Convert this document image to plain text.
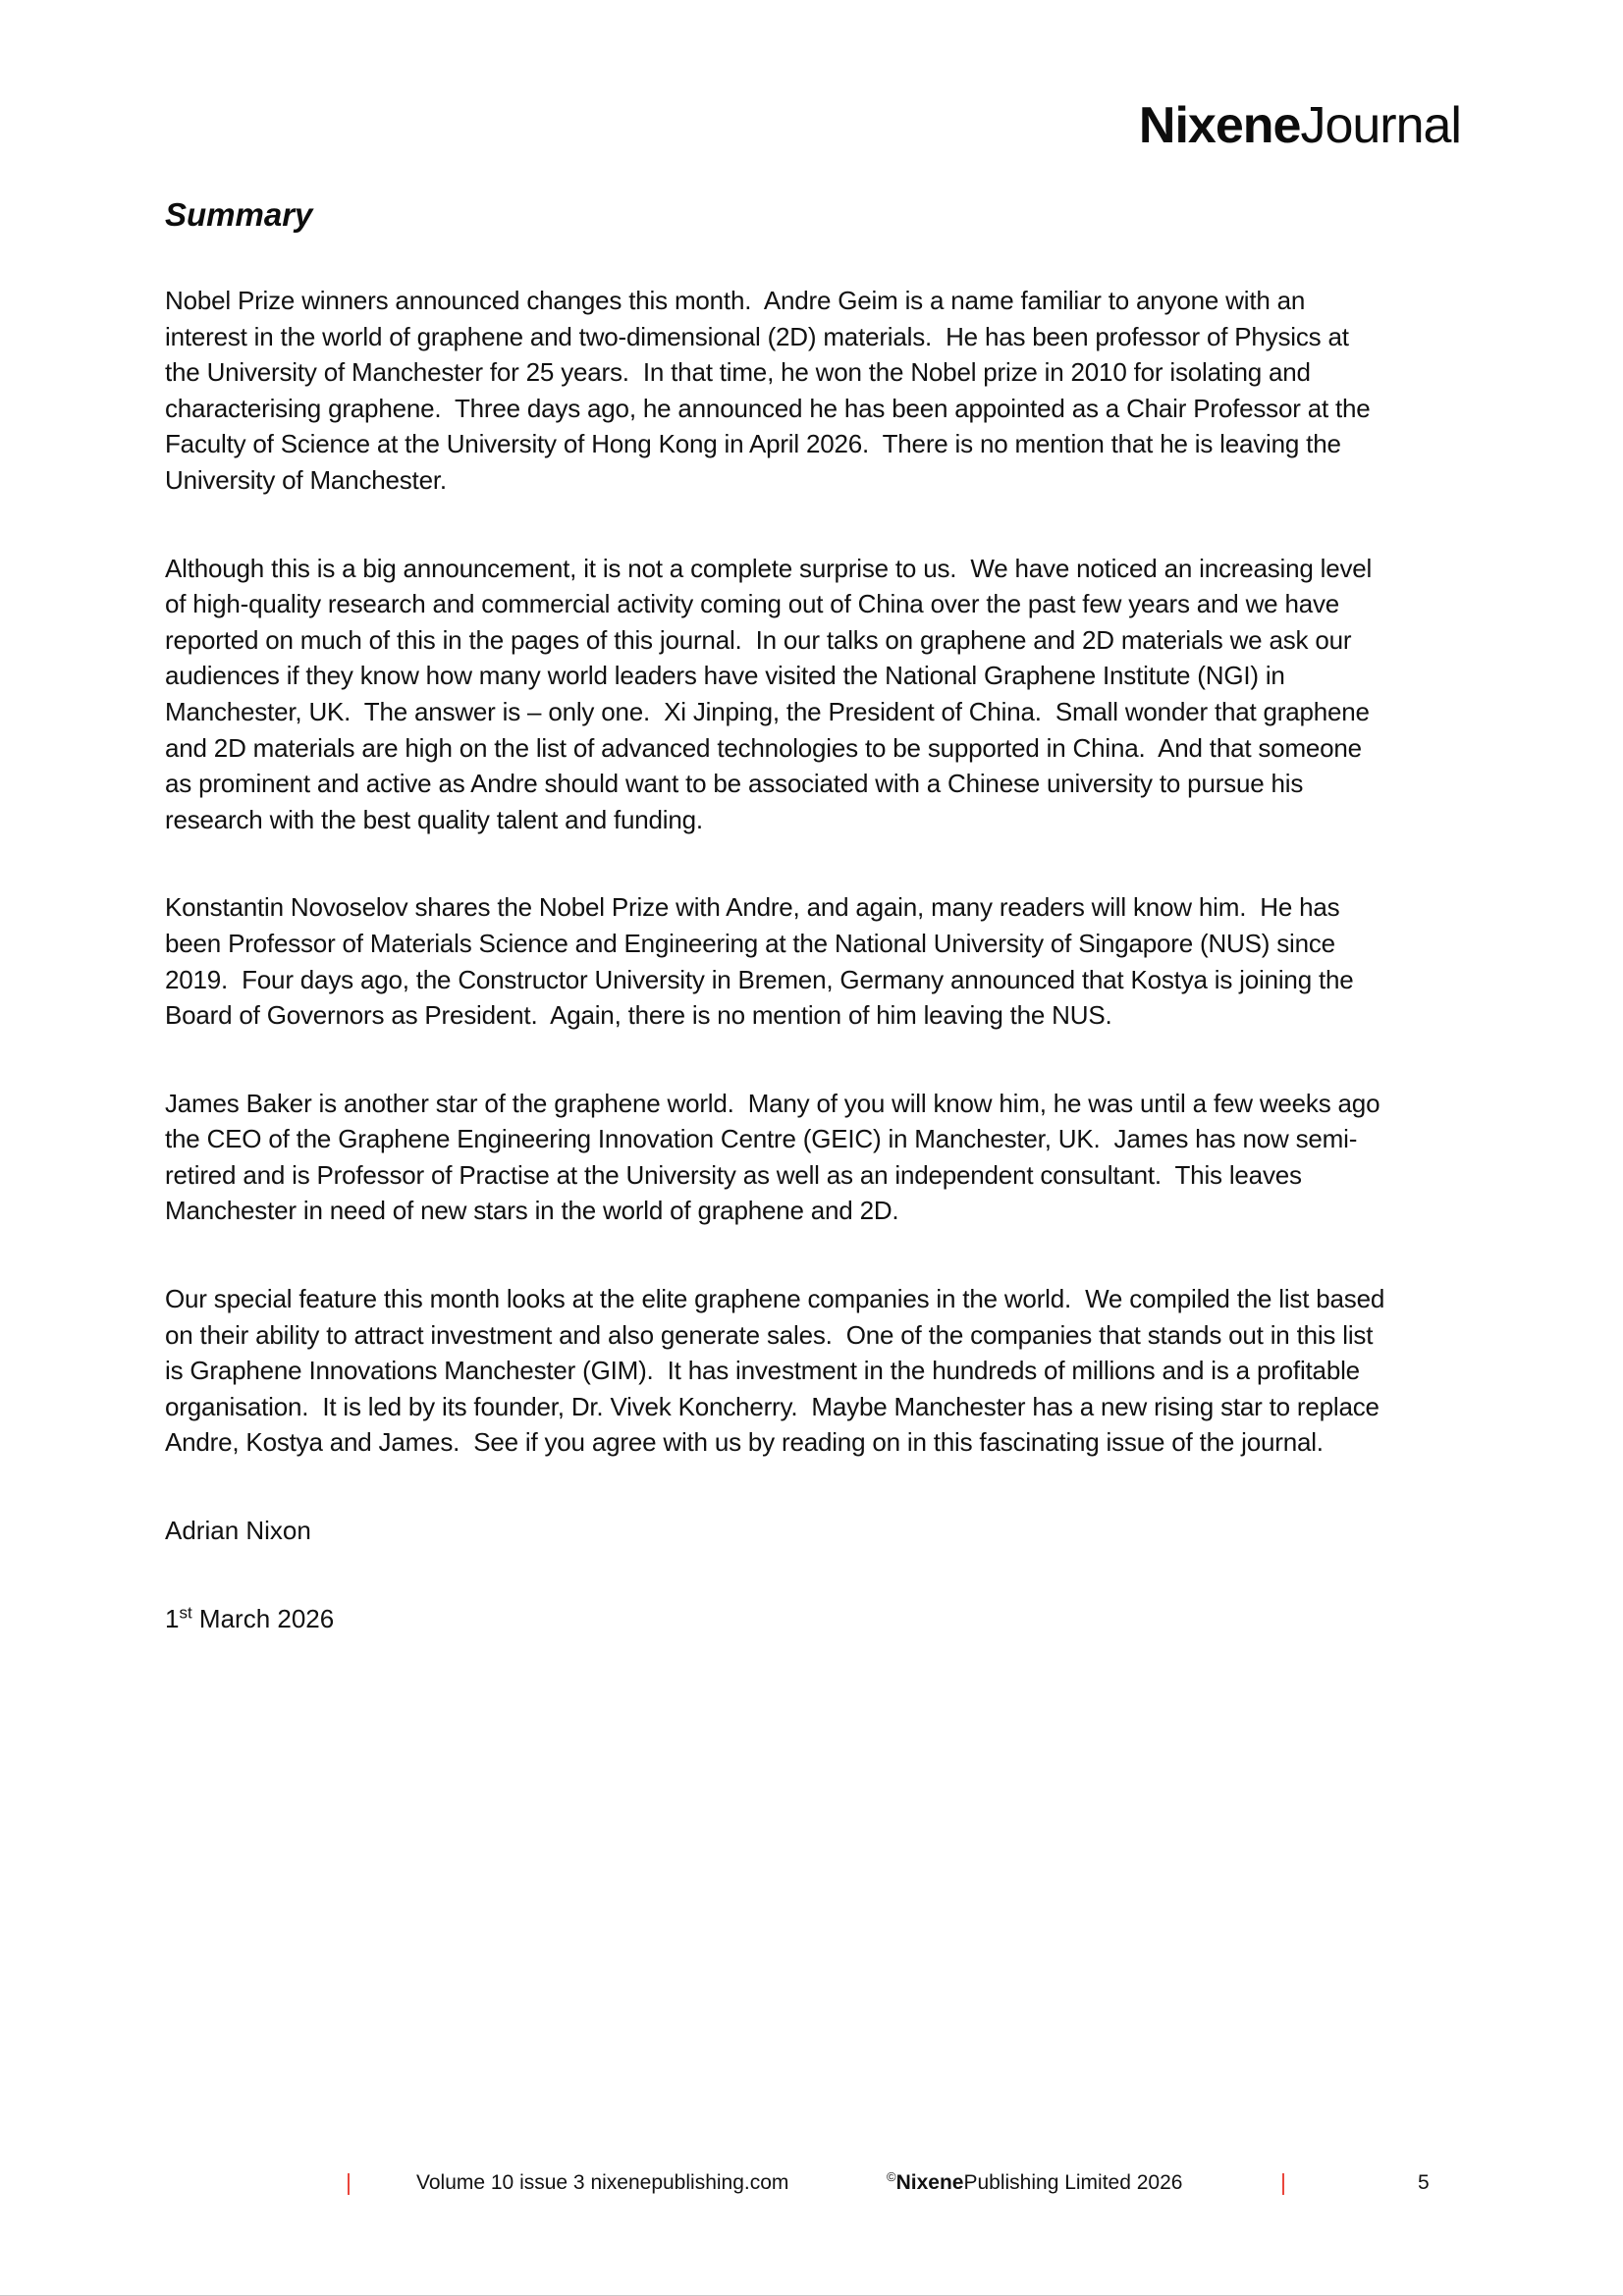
NixeneJournal
Summary

Nobel Prize winners announced changes this month.  Andre Geim is a name familiar to anyone with an interest in the world of graphene and two-dimensional (2D) materials.  He has been professor of Physics at the University of Manchester for 25 years.  In that time, he won the Nobel prize in 2010 for isolating and characterising graphene.  Three days ago, he announced he has been appointed as a Chair Professor at the Faculty of Science at the University of Hong Kong in April 2026.  There is no mention that he is leaving the University of Manchester.

Although this is a big announcement, it is not a complete surprise to us.  We have noticed an increasing level of high-quality research and commercial activity coming out of China over the past few years and we have reported on much of this in the pages of this journal.  In our talks on graphene and 2D materials we ask our audiences if they know how many world leaders have visited the National Graphene Institute (NGI) in Manchester, UK.  The answer is – only one.  Xi Jinping, the President of China.  Small wonder that graphene and 2D materials are high on the list of advanced technologies to be supported in China.  And that someone as prominent and active as Andre should want to be associated with a Chinese university to pursue his research with the best quality talent and funding.

Konstantin Novoselov shares the Nobel Prize with Andre, and again, many readers will know him.  He has been Professor of Materials Science and Engineering at the National University of Singapore (NUS) since 2019.  Four days ago, the Constructor University in Bremen, Germany announced that Kostya is joining the Board of Governors as President.  Again, there is no mention of him leaving the NUS.

James Baker is another star of the graphene world.  Many of you will know him, he was until a few weeks ago the CEO of the Graphene Engineering Innovation Centre (GEIC) in Manchester, UK.  James has now semi-retired and is Professor of Practise at the University as well as an independent consultant.  This leaves Manchester in need of new stars in the world of graphene and 2D.

Our special feature this month looks at the elite graphene companies in the world.  We compiled the list based on their ability to attract investment and also generate sales.  One of the companies that stands out in this list is Graphene Innovations Manchester (GIM).  It has investment in the hundreds of millions and is a profitable organisation.  It is led by its founder, Dr. Vivek Koncherry.  Maybe Manchester has a new rising star to replace Andre, Kostya and James.  See if you agree with us by reading on in this fascinating issue of the journal.

Adrian Nixon

1st March 2026

|	Volume 10 issue 3 nixenepublishing.com	©NixenePublishing Limited 2026	|	5
